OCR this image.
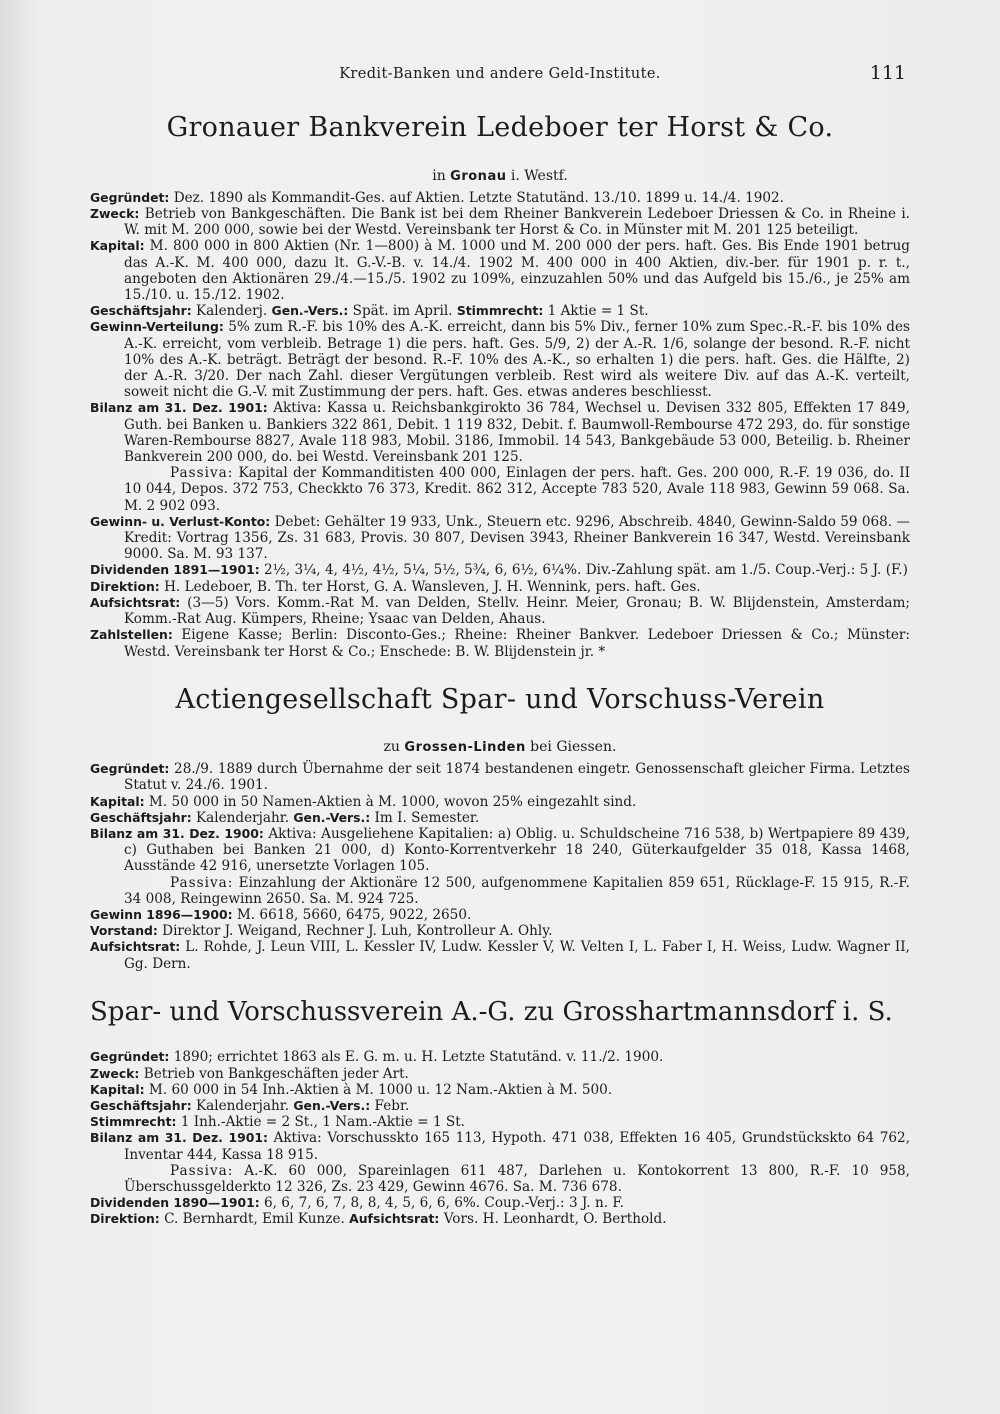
Kredit-Banken und andere Geld-Institute.	111
Gronauer Bankverein Ledeboer ter Horst & Co.
in Gronau i. Westf.

Gegründet: Dez. 1890 als Kommandit-Ges. auf Aktien. Letzte Statutänd. 13./10. 1899 u. 14./4. 1902.

Zweck: Betrieb von Bankgeschäften. Die Bank ist bei dem Rheiner Bankverein Ledeboer Driessen & Co. in Rheine i. W. mit M. 200 000, sowie bei der Westd. Vereinsbank ter Horst & Co. in Münster mit M. 201 125 beteiligt.

Kapital: M. 800 000 in 800 Aktien (Nr. 1—800) à M. 1000 und M. 200 000 der pers. haft. Ges. Bis Ende 1901 betrug das A.-K. M. 400 000, dazu lt. G.-V.-B. v. 14./4. 1902 M. 400 000 in 400 Aktien, div.-ber. für 1901 p. r. t., angeboten den Aktionären 29./4.—15./5. 1902 zu 109%, einzuzahlen 50% und das Aufgeld bis 15./6., je 25% am 15./10. u. 15./12. 1902.

Geschäftsjahr: Kalenderj. Gen.-Vers.: Spät. im April. Stimmrecht: 1 Aktie = 1 St.

Gewinn-Verteilung: 5% zum R.-F. bis 10% des A.-K. erreicht, dann bis 5% Div., ferner 10% zum Spec.-R.-F. bis 10% des A.-K. erreicht, vom verbleib. Betrage 1) die pers. haft. Ges. 5/9, 2) der A.-R. 1/6, solange der besond. R.-F. nicht 10% des A.-K. beträgt. Beträgt der besond. R.-F. 10% des A.-K., so erhalten 1) die pers. haft. Ges. die Hälfte, 2) der A.-R. 3/20. Der nach Zahl. dieser Vergütungen verbleib. Rest wird als weitere Div. auf das A.-K. verteilt, soweit nicht die G.-V. mit Zustimmung der pers. haft. Ges. etwas anderes beschliesst.

Bilanz am 31. Dez. 1901: Aktiva: Kassa u. Reichsbankgirokto 36 784, Wechsel u. Devisen 332 805, Effekten 17 849, Guth. bei Banken u. Bankiers 322 861, Debit. 1 119 832, Debit. f. Baumwoll-Rembourse 472 293, do. für sonstige Waren-Rembourse 8827, Avale 118 983, Mobil. 3186, Immobil. 14 543, Bankgebäude 53 000, Beteilig. b. Rheiner Bankverein 200 000, do. bei Westd. Vereinsbank 201 125.

Passiva: Kapital der Kommanditisten 400 000, Einlagen der pers. haft. Ges. 200 000, R.-F. 19 036, do. II 10 044, Depos. 372 753, Checkkto 76 373, Kredit. 862 312, Accepte 783 520, Avale 118 983, Gewinn 59 068. Sa. M. 2 902 093.

Gewinn- u. Verlust-Konto: Debet: Gehälter 19 933, Unk., Steuern etc. 9296, Abschreib. 4840, Gewinn-Saldo 59 068. — Kredit: Vortrag 1356, Zs. 31 683, Provis. 30 807, Devisen 3943, Rheiner Bankverein 16 347, Westd. Vereinsbank 9000. Sa. M. 93 137.

Dividenden 1891—1901: 2½, 3¼, 4, 4½, 4½, 5¼, 5½, 5¾, 6, 6½, 6¼%. Div.-Zahlung spät. am 1./5. Coup.-Verj.: 5 J. (F.)

Direktion: H. Ledeboer, B. Th. ter Horst, G. A. Wansleven, J. H. Wennink, pers. haft. Ges.

Aufsichtsrat: (3—5) Vors. Komm.-Rat M. van Delden, Stellv. Heinr. Meier, Gronau; B. W. Blijdenstein, Amsterdam; Komm.-Rat Aug. Kümpers, Rheine; Ysaac van Delden, Ahaus.

Zahlstellen: Eigene Kasse; Berlin: Disconto-Ges.; Rheine: Rheiner Bankver. Ledeboer Driessen & Co.; Münster: Westd. Vereinsbank ter Horst & Co.; Enschede: B. W. Blijdenstein jr. *

Actiengesellschaft Spar- und Vorschuss-Verein
zu Grossen-Linden bei Giessen.

Gegründet: 28./9. 1889 durch Übernahme der seit 1874 bestandenen eingetr. Genossenschaft gleicher Firma. Letztes Statut v. 24./6. 1901.

Kapital: M. 50 000 in 50 Namen-Aktien à M. 1000, wovon 25% eingezahlt sind.

Geschäftsjahr: Kalenderjahr. Gen.-Vers.: Im I. Semester.

Bilanz am 31. Dez. 1900: Aktiva: Ausgeliehene Kapitalien: a) Oblig. u. Schuldscheine 716 538, b) Wertpapiere 89 439, c) Guthaben bei Banken 21 000, d) Konto-Korrentverkehr 18 240, Güterkaufgelder 35 018, Kassa 1468, Ausstände 42 916, unersetzte Vorlagen 105.

Passiva: Einzahlung der Aktionäre 12 500, aufgenommene Kapitalien 859 651, Rücklage-F. 15 915, R.-F. 34 008, Reingewinn 2650. Sa. M. 924 725.

Gewinn 1896—1900: M. 6618, 5660, 6475, 9022, 2650.

Vorstand: Direktor J. Weigand, Rechner J. Luh, Kontrolleur A. Ohly.

Aufsichtsrat: L. Rohde, J. Leun VIII, L. Kessler IV, Ludw. Kessler V, W. Velten I, L. Faber I, H. Weiss, Ludw. Wagner II, Gg. Dern.

Spar- und Vorschussverein A.-G. zu Grosshartmannsdorf i. S.

Gegründet: 1890; errichtet 1863 als E. G. m. u. H. Letzte Statutänd. v. 11./2. 1900.

Zweck: Betrieb von Bankgeschäften jeder Art.

Kapital: M. 60 000 in 54 Inh.-Aktien à M. 1000 u. 12 Nam.-Aktien à M. 500.

Geschäftsjahr: Kalenderjahr. Gen.-Vers.: Febr.

Stimmrecht: 1 Inh.-Aktie = 2 St., 1 Nam.-Aktie = 1 St.

Bilanz am 31. Dez. 1901: Aktiva: Vorschusskto 165 113, Hypoth. 471 038, Effekten 16 405, Grundstückskto 64 762, Inventar 444, Kassa 18 915.

Passiva: A.-K. 60 000, Spareinlagen 611 487, Darlehen u. Kontokorrent 13 800, R.-F. 10 958, Überschussgelderkto 12 326, Zs. 23 429, Gewinn 4676. Sa. M. 736 678.

Dividenden 1890—1901: 6, 6, 7, 6, 7, 8, 8, 4, 5, 6, 6, 6%. Coup.-Verj.: 3 J. n. F.

Direktion: C. Bernhardt, Emil Kunze. Aufsichtsrat: Vors. H. Leonhardt, O. Berthold.
